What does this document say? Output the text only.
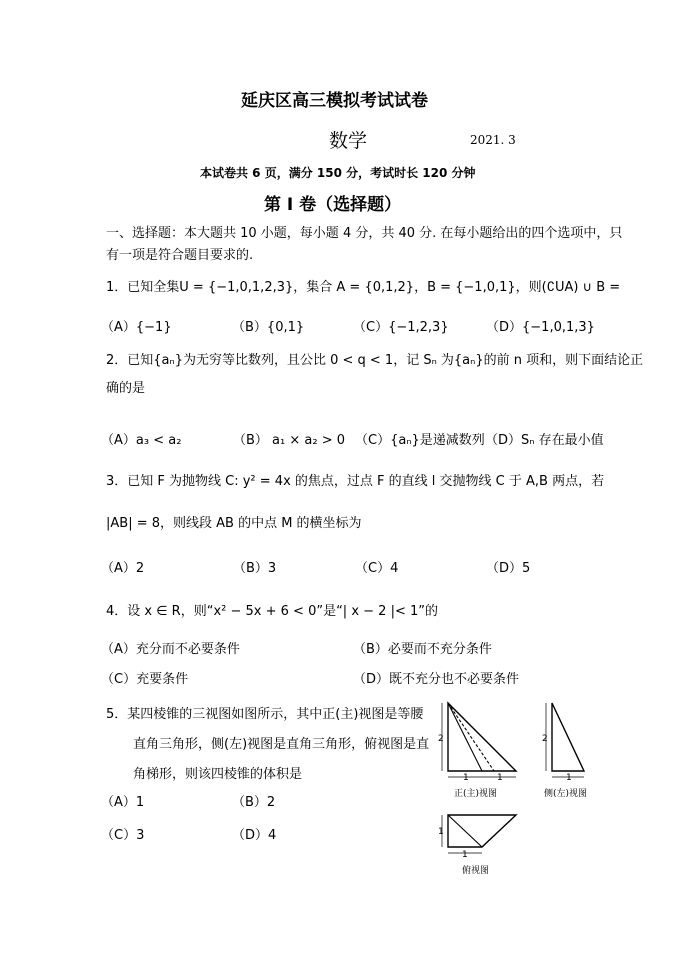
延庆区高三模拟考试试卷
数学	2021. 3
本试卷共 6 页，满分 150 分，考试时长 120 分钟
第 I 卷（选择题）
一、选择题：本大题共 10 小题，每小题 4 分，共 40 分. 在每小题给出的四个选项中，只
有一项是符合题目要求的.
1．已知全集U = {−1,0,1,2,3}，集合 A = {0,1,2}，B = {−1,0,1}，则(∁UA) ∪ B =
（A）{−1}	（B）{0,1}	（C）{−1,2,3}	（D）{−1,0,1,3}
2．已知{aₙ}为无穷等比数列，且公比 0 < q < 1，记 Sₙ 为{aₙ}的前 n 项和，则下面结论正
确的是
（A）a₃ < a₂	（B） a₁ × a₂ > 0 （C）{aₙ}是递减数列 （D）Sₙ 存在最小值
3．已知 F 为抛物线 C: y² = 4x 的焦点，过点 F 的直线 l 交抛物线 C 于 A,B 两点，若
|AB| = 8，则线段 AB 的中点 M 的横坐标为
（A）2	（B）3	（C）4	（D）5
4．设 x ∈ R，则“x² − 5x + 6 < 0”是“| x − 2 |< 1”的
（A）充分而不必要条件	（B）必要而不充分条件
（C）充要条件	（D）既不充分也不必要条件
5．某四棱锥的三视图如图所示，其中正(主)视图是等腰
直角三角形，侧(左)视图是直角三角形，俯视图是直
角梯形，则该四棱锥的体积是
（A）1	（B）2
（C）3	（D）4
2
1	1
正(主)视图
2
1
侧(左)视图
1
1
俯视图
